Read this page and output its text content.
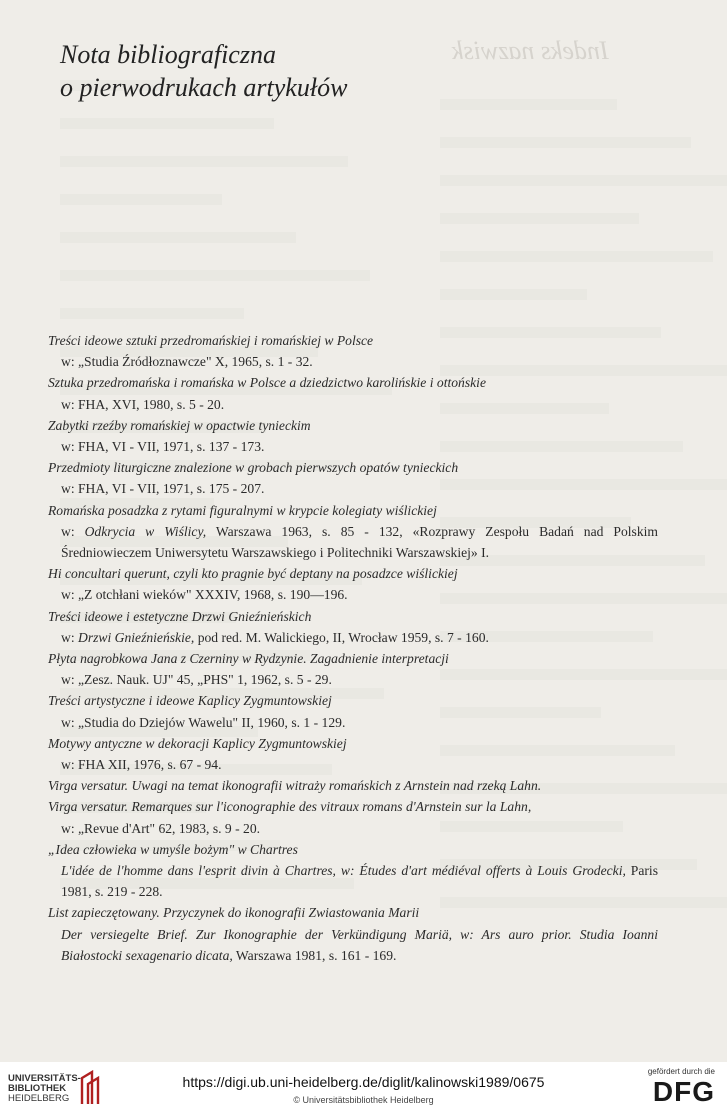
Indeks nazwisk
Nota bibliograficzna
o pierwodrukach artykułów

Treści ideowe sztuki przedromańskiej i romańskiej w Polsce
w: „Studia Źródłoznawcze" X, 1965, s. 1 - 32.

Sztuka przedromańska i romańska w Polsce a dziedzictwo karolińskie i ottońskie
w: FHA, XVI, 1980, s. 5 - 20.

Zabytki rzeźby romańskiej w opactwie tynieckim
w: FHA, VI - VII, 1971, s. 137 - 173.

Przedmioty liturgiczne znalezione w grobach pierwszych opatów tynieckich
w: FHA, VI - VII, 1971, s. 175 - 207.

Romańska posadzka z rytami figuralnymi w krypcie kolegiaty wiślickiej
w: Odkrycia w Wiślicy, Warszawa 1963, s. 85 - 132, «Rozprawy Zespołu Badań nad Polskim Średniowieczem Uniwersytetu Warszawskiego i Politechniki Warszawskiej» I.

Hi concultari querunt, czyli kto pragnie być deptany na posadzce wiślickiej
w: „Z otchłani wieków" XXXIV, 1968, s. 190—196.

Treści ideowe i estetyczne Drzwi Gnieźnieńskich
w: Drzwi Gnieźnieńskie, pod red. M. Walickiego, II, Wrocław 1959, s. 7 - 160.

Płyta nagrobkowa Jana z Czerniny w Rydzynie. Zagadnienie interpretacji
w: „Zesz. Nauk. UJ" 45, „PHS" 1, 1962, s. 5 - 29.

Treści artystyczne i ideowe Kaplicy Zygmuntowskiej
w: „Studia do Dziejów Wawelu" II, 1960, s. 1 - 129.

Motywy antyczne w dekoracji Kaplicy Zygmuntowskiej
w: FHA XII, 1976, s. 67 - 94.

Virga versatur. Uwagi na temat ikonografii witraży romańskich z Arnstein nad rzeką Lahn.

Virga versatur. Remarques sur l'iconographie des vitraux romans d'Arnstein sur la Lahn,
w: „Revue d'Art" 62, 1983, s. 9 - 20.

„Idea człowieka w umyśle bożym" w Chartres
L'idée de l'homme dans l'esprit divin à Chartres, w: Études d'art médiéval offerts à Louis Grodecki, Paris 1981, s. 219 - 228.

List zapieczętowany. Przyczynek do ikonografii Zwiastowania Marii
Der versiegelte Brief. Zur Ikonographie der Verkündigung Mariä, w: Ars auro prior. Studia Ioanni Białostocki sexagenario dicata, Warszawa 1981, s. 161 - 169.

UNIVERSITÄTS-
BIBLIOTHEK
HEIDELBERG
https://digi.ub.uni-heidelberg.de/diglit/kalinowski1989/0675
© Universitätsbibliothek Heidelberg
gefördert durch die
DFG
